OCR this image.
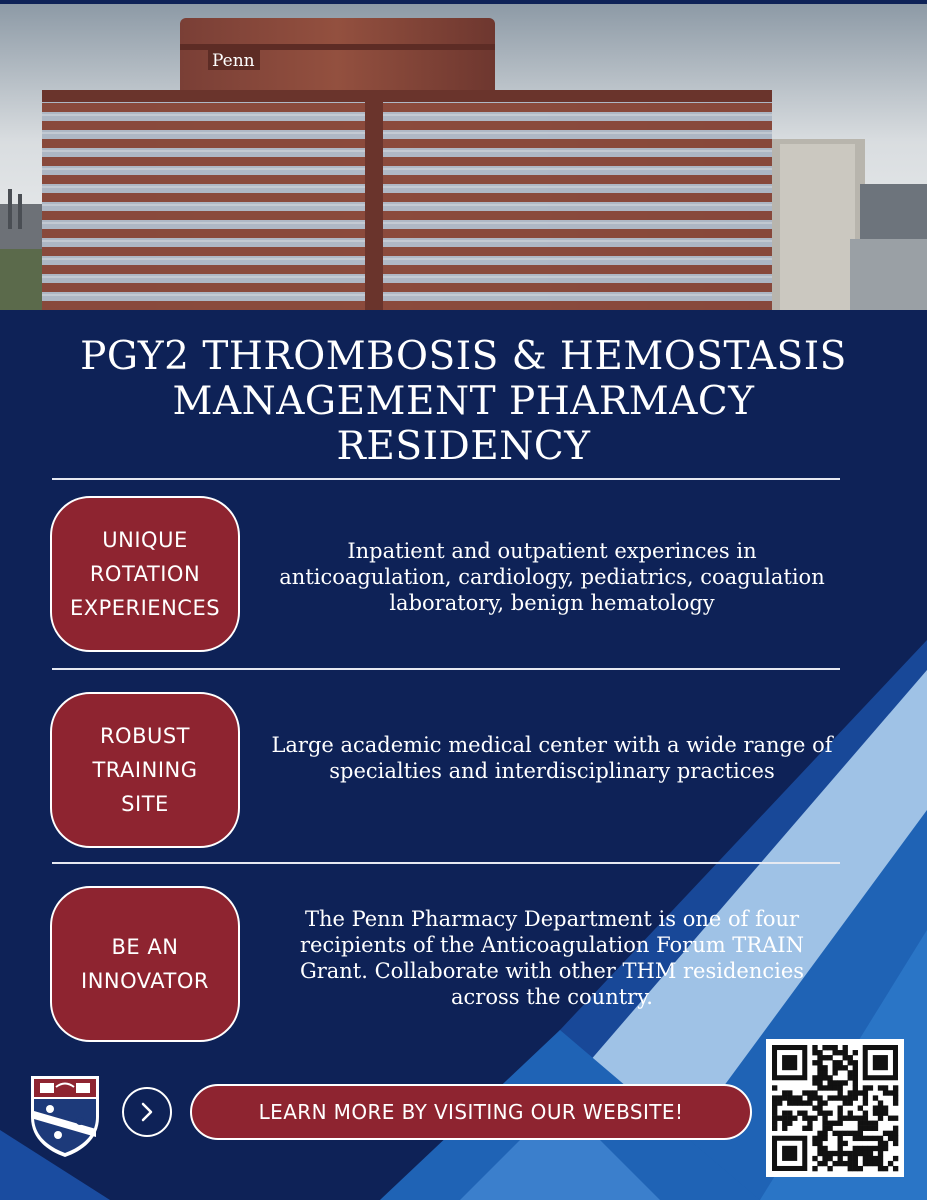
Penn
PGY2 THROMBOSIS & HEMOSTASIS
MANAGEMENT PHARMACY
RESIDENCY
UNIQUE
ROTATION
EXPERIENCES
Inpatient and outpatient experinces in anticoagulation, cardiology, pediatrics, coagulation laboratory, benign hematology
ROBUST
TRAINING
SITE
Large academic medical center with a wide range of specialties and interdisciplinary practices
BE AN
INNOVATOR
The Penn Pharmacy Department is one of four recipients of the Anticoagulation Forum TRAIN Grant. Collaborate with other THM residencies across the country.
LEARN MORE BY VISITING OUR WEBSITE!
